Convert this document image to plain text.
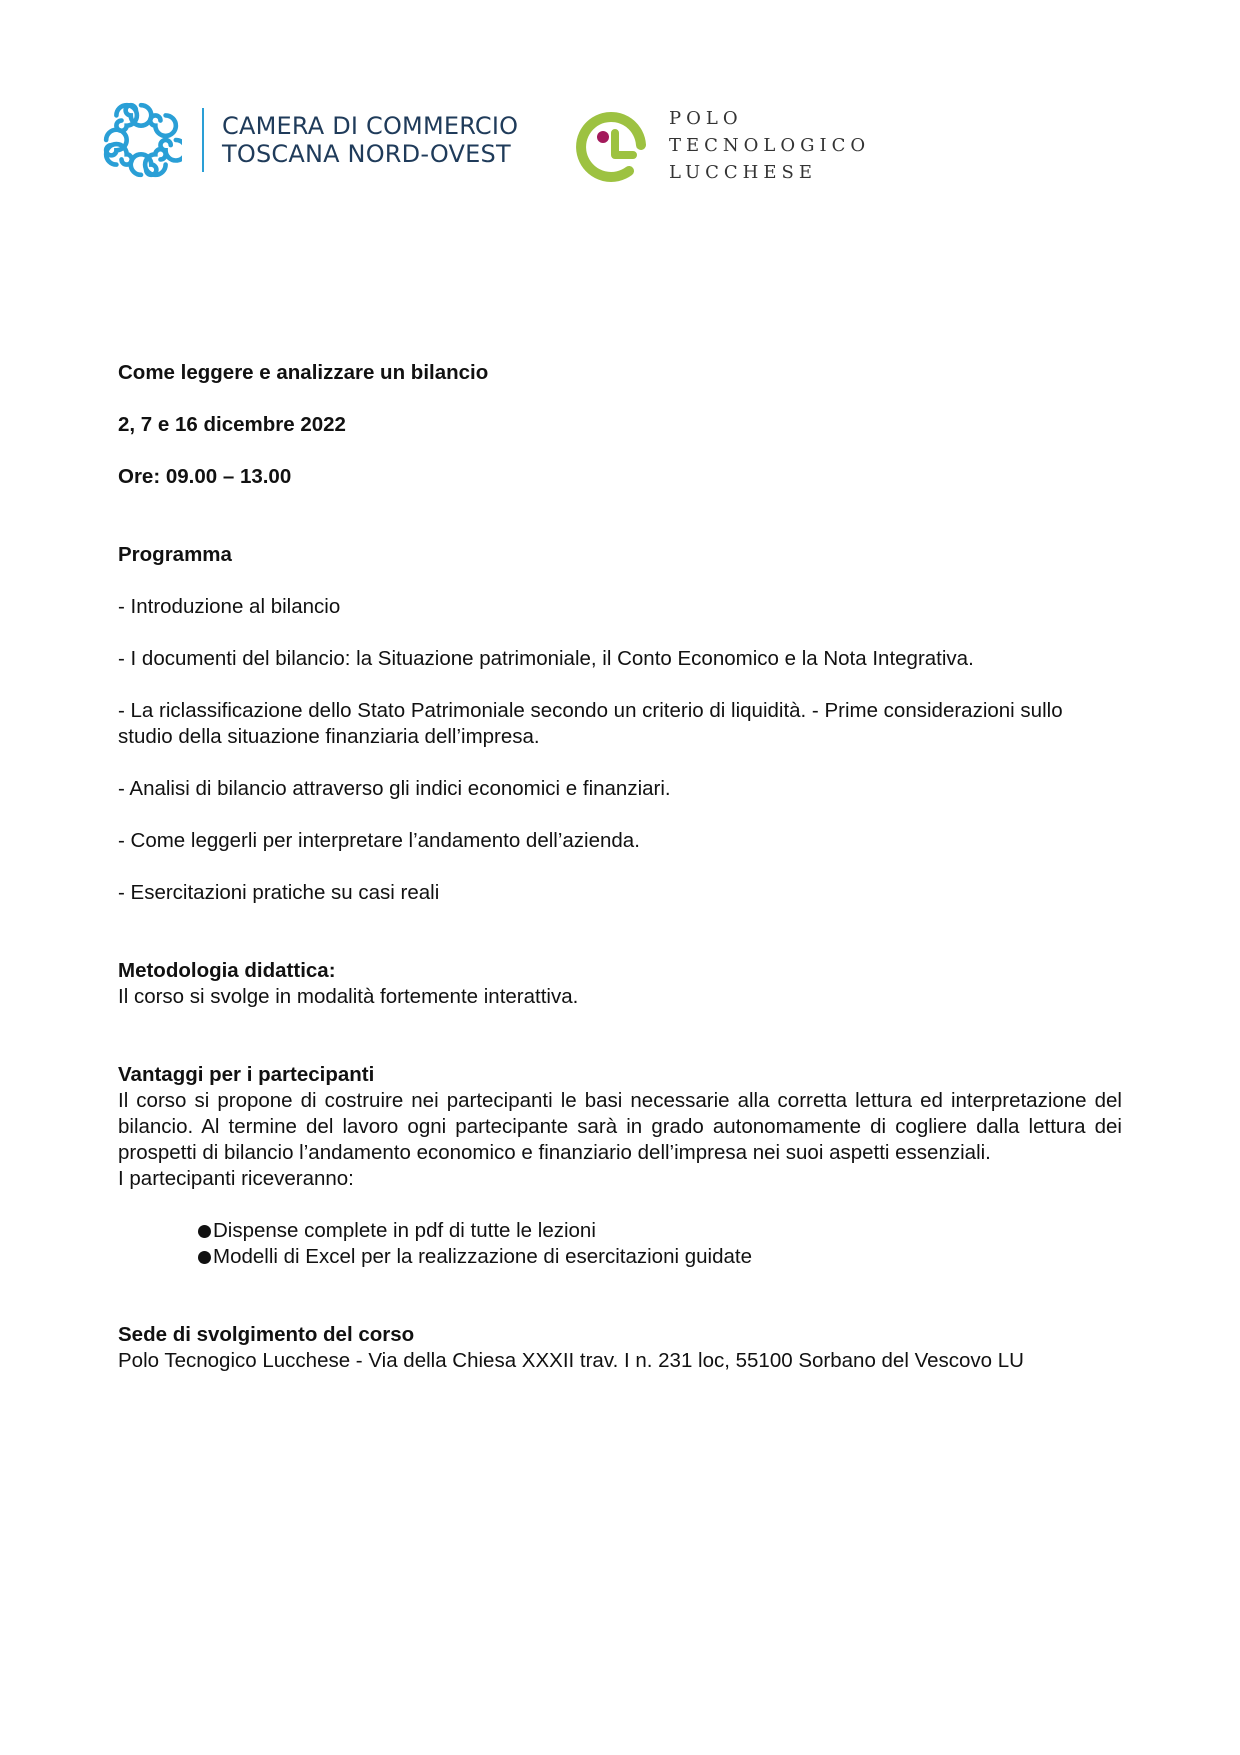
CAMERA DI COMMERCIO
TOSCANA NORD-OVEST
POLO
TECNOLOGICO
LUCCHESE
Come leggere e analizzare un bilancio
2, 7 e 16 dicembre 2022
Ore: 09.00 – 13.00
Programma
- Introduzione al bilancio
- I documenti del bilancio: la Situazione patrimoniale, il Conto Economico e la Nota Integrativa.
- La riclassificazione dello Stato Patrimoniale secondo un criterio di liquidità. - Prime considerazioni sullo studio della situazione finanziaria dell’impresa.
- Analisi di bilancio attraverso gli indici economici e finanziari.
- Come leggerli per interpretare l’andamento dell’azienda.
- Esercitazioni pratiche su casi reali
Metodologia didattica:
Il corso si svolge in modalità fortemente interattiva.
Vantaggi per i partecipanti
Il corso si propone di costruire nei partecipanti le basi necessarie alla corretta lettura ed interpretazione del bilancio. Al termine del lavoro ogni partecipante sarà in grado autonomamente di cogliere dalla lettura dei prospetti di bilancio l’andamento economico e finanziario dell’impresa nei suoi aspetti essenziali.
I partecipanti riceveranno:
Dispense complete in pdf di tutte le lezioni
Modelli di Excel per la realizzazione di esercitazioni guidate
Sede di svolgimento del corso
Polo Tecnogico Lucchese - Via della Chiesa XXXII trav. I n. 231 loc, 55100 Sorbano del Vescovo LU
